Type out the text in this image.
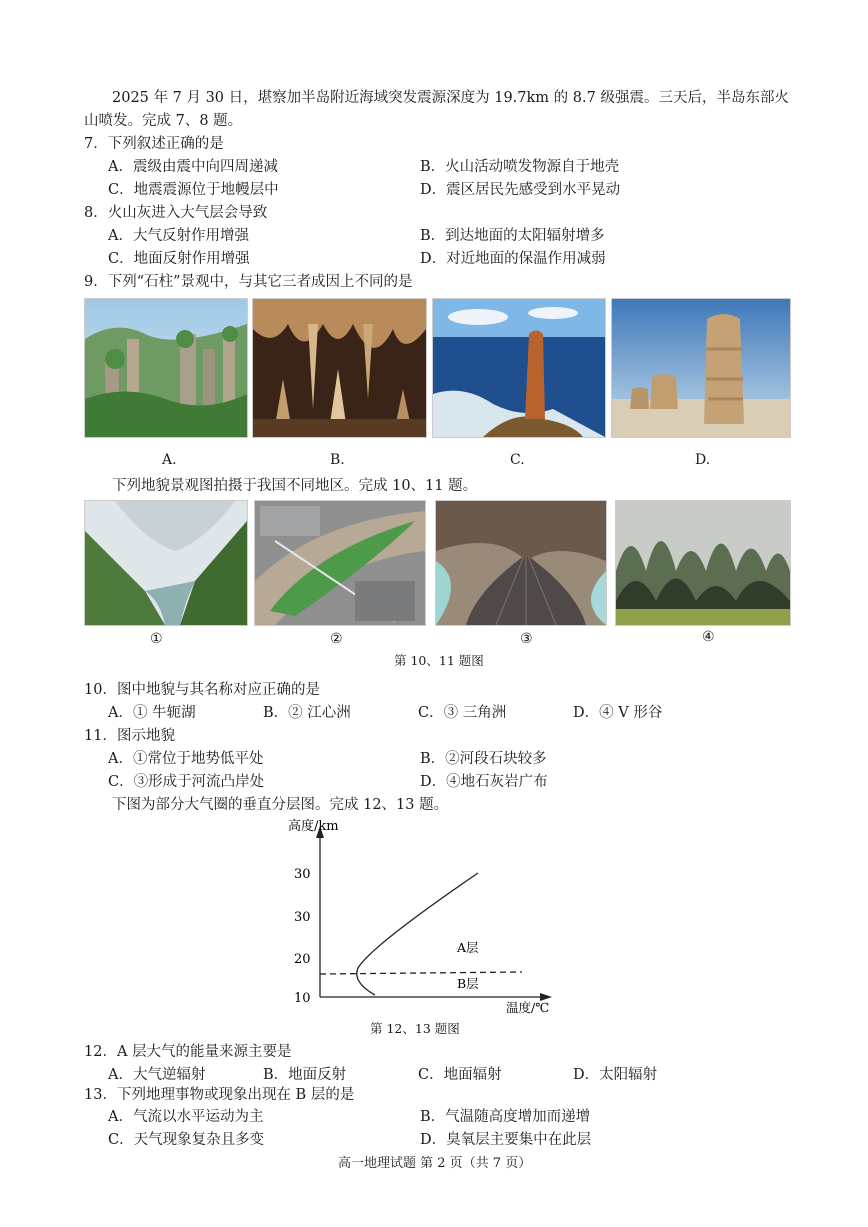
2025 年 7 月 30 日，堪察加半岛附近海域突发震源深度为 19.7km 的 8.7 级强震。三天后，半岛东部火
山喷发。完成 7、8 题。
7．下列叙述正确的是
A．震级由震中向四周递减	B．火山活动喷发物源自于地壳
C．地震震源位于地幔层中	D．震区居民先感受到水平晃动
8．火山灰进入大气层会导致
A．大气反射作用增强	B．到达地面的太阳辐射增多
C．地面反射作用增强	D．对近地面的保温作用减弱
9．下列“石柱”景观中，与其它三者成因上不同的是
A.	B.	C.	D.
下列地貌景观图拍摄于我国不同地区。完成 10、11 题。
①	②	③	④
第 10、11 题图
10．图中地貌与其名称对应正确的是
A．① 牛轭湖	B．② 江心洲	C．③ 三角洲	D．④ V 形谷
11．图示地貌
A．①常位于地势低平处	B．②河段石块较多
C．③形成于河流凸岸处	D．④地石灰岩广布
下图为部分大气圈的垂直分层图。完成 12、13 题。
高度/km
30
30
20
10
A层
B层
温度/℃
第 12、13 题图
12．A 层大气的能量来源主要是
A．大气逆辐射	B．地面反射	C．地面辐射	D．太阳辐射
13．下列地理事物或现象出现在 B 层的是
A．气流以水平运动为主	B．气温随高度增加而递增
C．天气现象复杂且多变	D．臭氧层主要集中在此层
高一地理试题 第 2 页（共 7 页）
